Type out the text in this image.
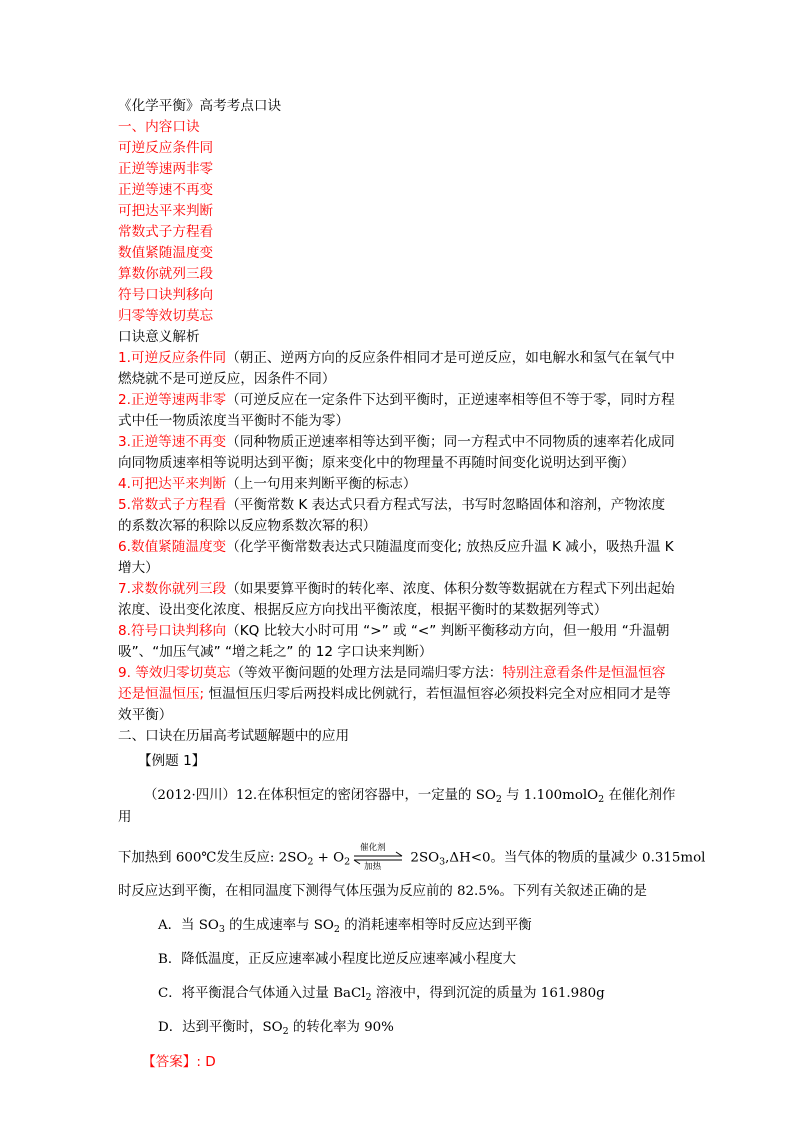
《化学平衡》高考考点口诀
一、内容口诀
可逆反应条件同
正逆等速两非零
正逆等速不再变
可把达平来判断
常数式子方程看
数值紧随温度变
算数你就列三段
符号口诀判移向
归零等效切莫忘
口诀意义解析
1.可逆反应条件同（朝正、逆两方向的反应条件相同才是可逆反应，如电解水和氢气在氧气中燃烧就不是可逆反应，因条件不同）
2.正逆等速两非零（可逆反应在一定条件下达到平衡时，正逆速率相等但不等于零，同时方程式中任一物质浓度当平衡时不能为零）
3.正逆等速不再变（同种物质正逆速率相等达到平衡；同一方程式中不同物质的速率若化成同向同物质速率相等说明达到平衡；原来变化中的物理量不再随时间变化说明达到平衡）
4.可把达平来判断（上一句用来判断平衡的标志）
5.常数式子方程看（平衡常数 K 表达式只看方程式写法，书写时忽略固体和溶剂，产物浓度的系数次幂的积除以反应物系数次幂的积）
6.数值紧随温度变（化学平衡常数表达式只随温度而变化; 放热反应升温 K 减小，吸热升温 K 增大）
7.求数你就列三段（如果要算平衡时的转化率、浓度、体积分数等数据就在方程式下列出起始浓度、设出变化浓度、根据反应方向找出平衡浓度，根据平衡时的某数据列等式）
8.符号口诀判移向（KQ 比较大小时可用 “>” 或 “<” 判断平衡移动方向，但一般用 “升温朝吸”、“加压气减” “增之耗之” 的 12 字口诀来判断）
9. 等效归零切莫忘（等效平衡问题的处理方法是同端归零方法：特别注意看条件是恒温恒容还是恒温恒压; 恒温恒压归零后两投料成比例就行，若恒温恒容必须投料完全对应相同才是等效平衡）
二、口诀在历届高考试题解题中的应用
【例题 1】
（2012·四川）12.在体积恒定的密闭容器中，一定量的 $SO_2$ 与 1.100molO$_2$ 在催化剂作用
下加热到 600℃发生反应: $2SO_2 + O_2$
催化剂
加热
$2SO_3,\Delta H<0$。当气体的物质的量减少 0.315mol
时反应达到平衡，在相同温度下测得气体压强为反应前的 82.5%。下列有关叙述正确的是
A．当 $SO_3$ 的生成速率与 $SO_2$ 的消耗速率相等时反应达到平衡
B．降低温度，正反应速率减小程度比逆反应速率减小程度大
C．将平衡混合气体通入过量 BaCl$_2$ 溶液中，得到沉淀的质量为 161.980g
D．达到平衡时，$SO_2$ 的转化率为 90%
【答案】: D
